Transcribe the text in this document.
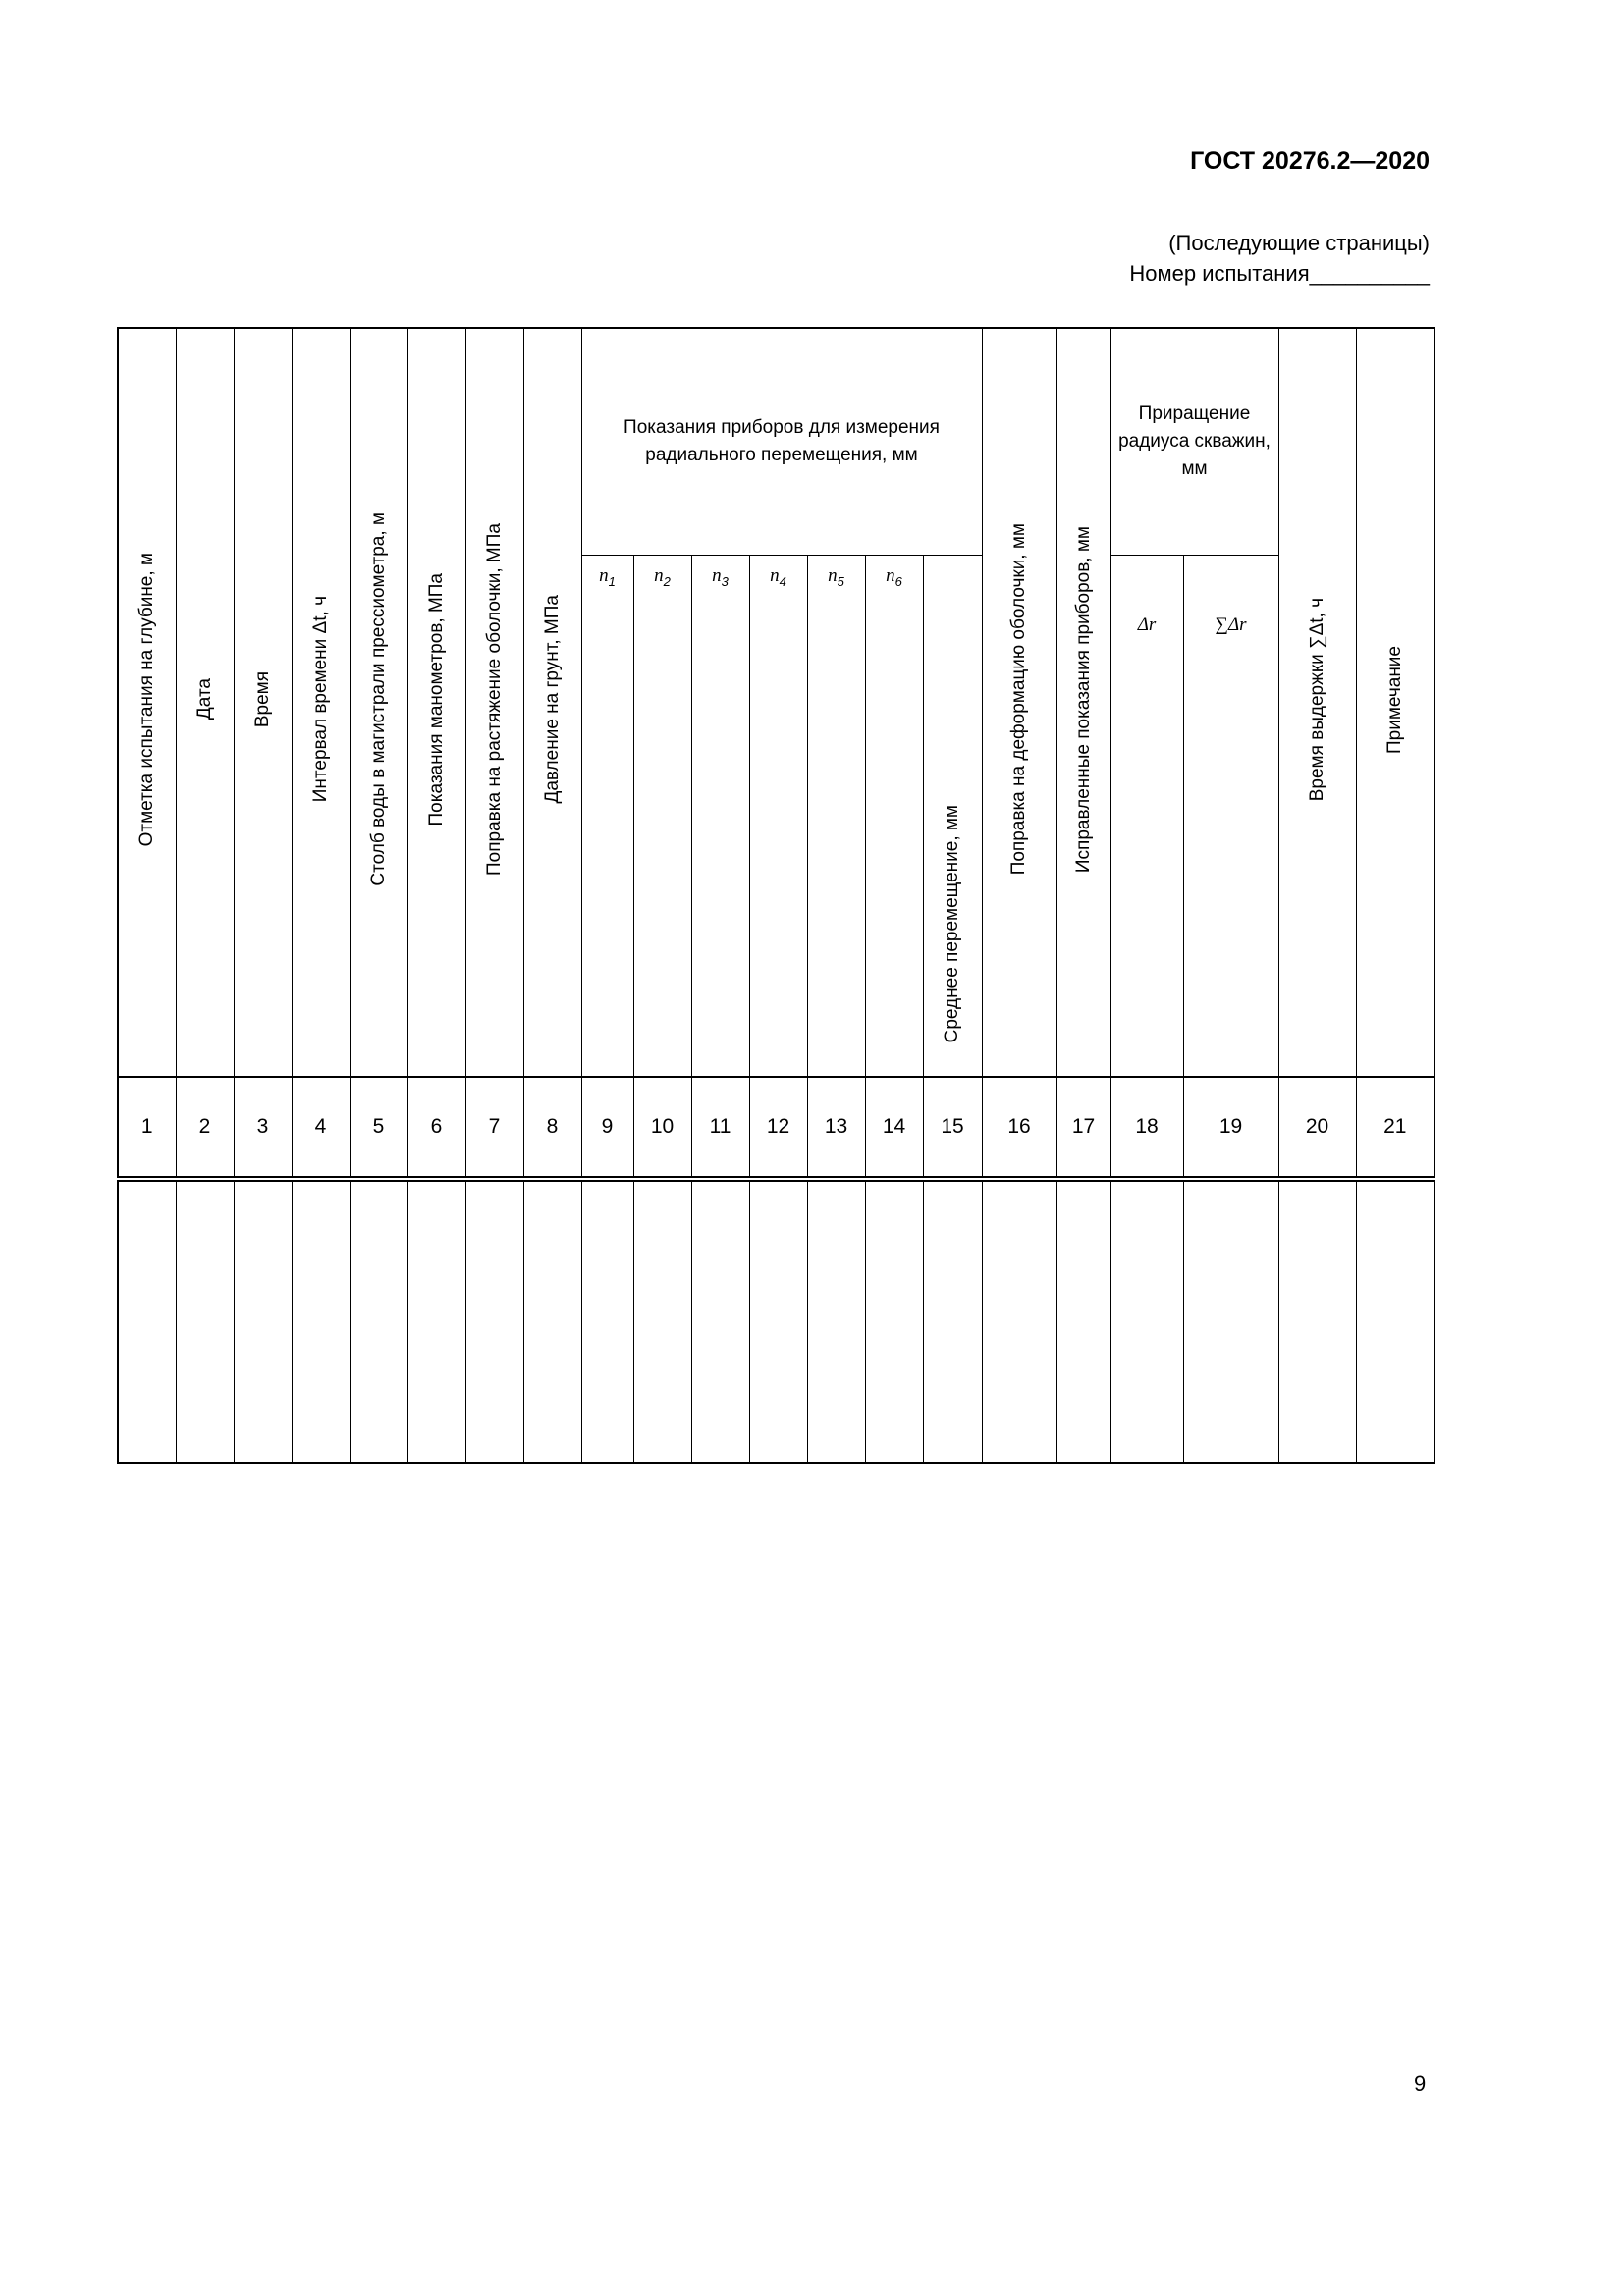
ГОСТ 20276.2—2020
(Последующие страницы)
Номер испытания__________
Отметка испытания на глубине, м	Дата	Время	Интервал времени Δt, ч	Столб воды в магистрали прессиометра, м	Показания манометров, МПа	Поправка на растяжение оболочки, МПа	Давление на грунт, МПа	Показания приборов для измерения радиального перемещения, мм							Поправка на деформацию оболочки, мм	Исправленные показания приборов, мм	Приращение радиуса скважин, мм		Время выдержки ∑Δt, ч	Примечание
								$n_1$	$n_2$	$n_3$	$n_4$	$n_5$	$n_6$	Среднее перемещение, мм			Δr	∑Δr		
1	2	3	4	5	6	7	8	9	10	11	12	13	14	15	16	17	18	19	20	21

9
